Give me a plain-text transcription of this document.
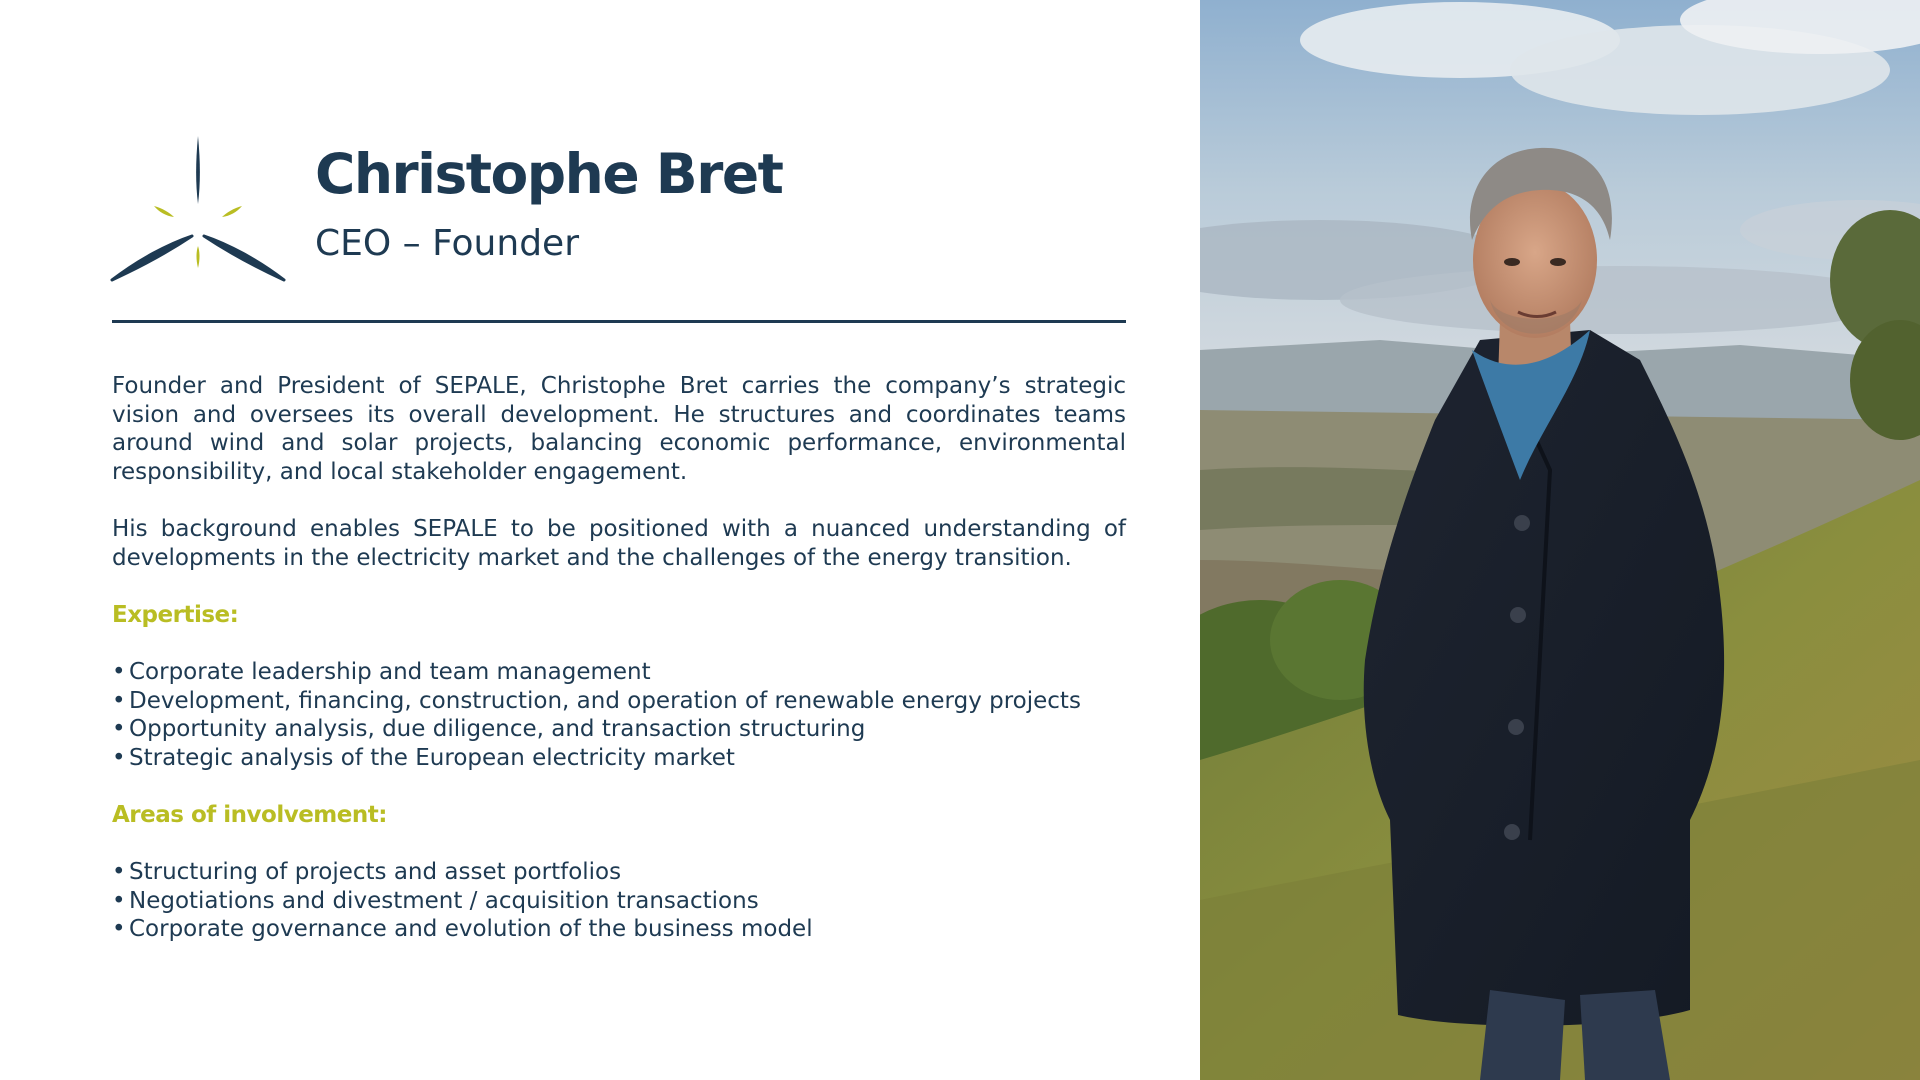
Christophe Bret
CEO – Founder

Founder and President of SEPALE, Christophe Bret carries the company’s strategic vision and oversees its overall development. He structures and coordinates teams around wind and solar projects, balancing economic performance, environmental responsibility, and local stakeholder engagement.

His background enables SEPALE to be positioned with a nuanced understanding of developments in the electricity market and the challenges of the energy transition.

Expertise:
• Corporate leadership and team management
• Development, financing, construction, and operation of renewable energy projects
• Opportunity analysis, due diligence, and transaction structuring
• Strategic analysis of the European electricity market
Areas of involvement:
• Structuring of projects and asset portfolios
• Negotiations and divestment / acquisition transactions
• Corporate governance and evolution of the business model
